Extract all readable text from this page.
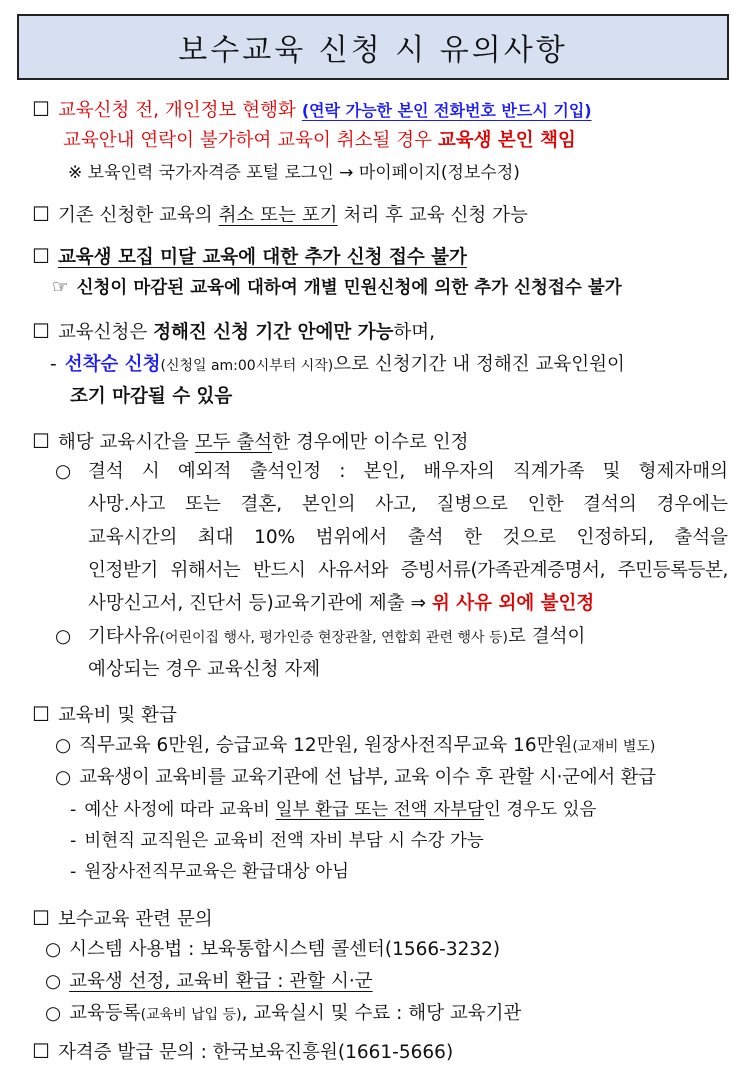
보수교육 신청 시 유의사항
☐ 교육신청 전, 개인정보 현행화 (연락 가능한 본인 전화번호 반드시 기입)
교육안내 연락이 불가하여 교육이 취소될 경우 교육생 본인 책임
※ 보육인력 국가자격증 포털 로그인 → 마이페이지(정보수정)
☐ 기존 신청한 교육의 취소 또는 포기 처리 후 교육 신청 가능
☐ 교육생 모집 미달 교육에 대한 추가 신청 접수 불가
☞ 신청이 마감된 교육에 대하여 개별 민원신청에 의한 추가 신청접수 불가
☐ 교육신청은 정해진 신청 기간 안에만 가능하며,
- 선착순 신청(신청일 am:00시부터 시작)으로 신청기간 내 정해진 교육인원이
조기 마감될 수 있음
☐ 해당 교육시간을 모두 출석한 경우에만 이수로 인정
○ 결석 시 예외적 출석인정 : 본인, 배우자의 직계가족 및 형제자매의
사망.사고 또는 결혼, 본인의 사고, 질병으로 인한 결석의 경우에는
교육시간의 최대 10% 범위에서 출석 한 것으로 인정하되, 출석을
인정받기 위해서는 반드시 사유서와 증빙서류(가족관계증명서, 주민등록등본,
사망신고서, 진단서 등)교육기관에 제출 ⇒ 위 사유 외에 불인정
○ 기타사유(어린이집 행사, 평가인증 현장관찰, 연합회 관련 행사 등)로 결석이
예상되는 경우 교육신청 자제
☐ 교육비 및 환급
○ 직무교육 6만원, 승급교육 12만원, 원장사전직무교육 16만원(교재비 별도)
○ 교육생이 교육비를 교육기관에 선 납부, 교육 이수 후 관할 시·군에서 환급
- 예산 사정에 따라 교육비 일부 환급 또는 전액 자부담인 경우도 있음
- 비현직 교직원은 교육비 전액 자비 부담 시 수강 가능
- 원장사전직무교육은 환급대상 아님
☐ 보수교육 관련 문의
○ 시스템 사용법 : 보육통합시스템 콜센터(1566-3232)
○ 교육생 선정, 교육비 환급 : 관할 시·군
○ 교육등록(교육비 납입 등), 교육실시 및 수료 : 해당 교육기관
☐ 자격증 발급 문의 : 한국보육진흥원(1661-5666)
